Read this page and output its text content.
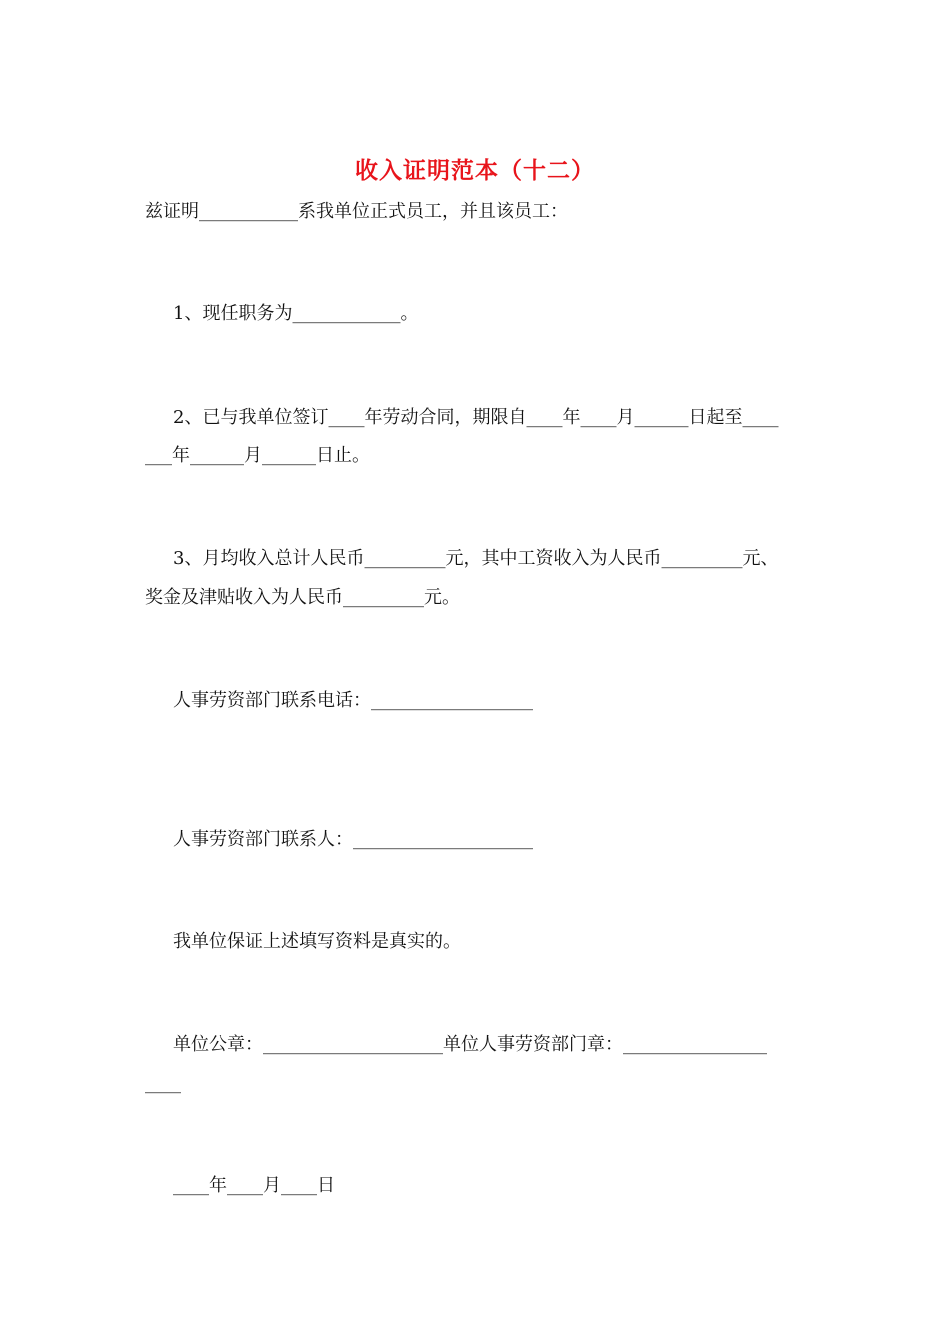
收入证明范本（十二）
兹证明___________系我单位正式员工，并且该员工：
1、现任职务为____________。
2、已与我单位签订____年劳动合同，期限自____年____月______日起至____
___年______月______日止。
3、月均收入总计人民币_________元，其中工资收入为人民币_________元、
奖金及津贴收入为人民币_________元。
人事劳资部门联系电话：__________________
人事劳资部门联系人：____________________
我单位保证上述填写资料是真实的。
单位公章：____________________单位人事劳资部门章：________________
____
____年____月____日
